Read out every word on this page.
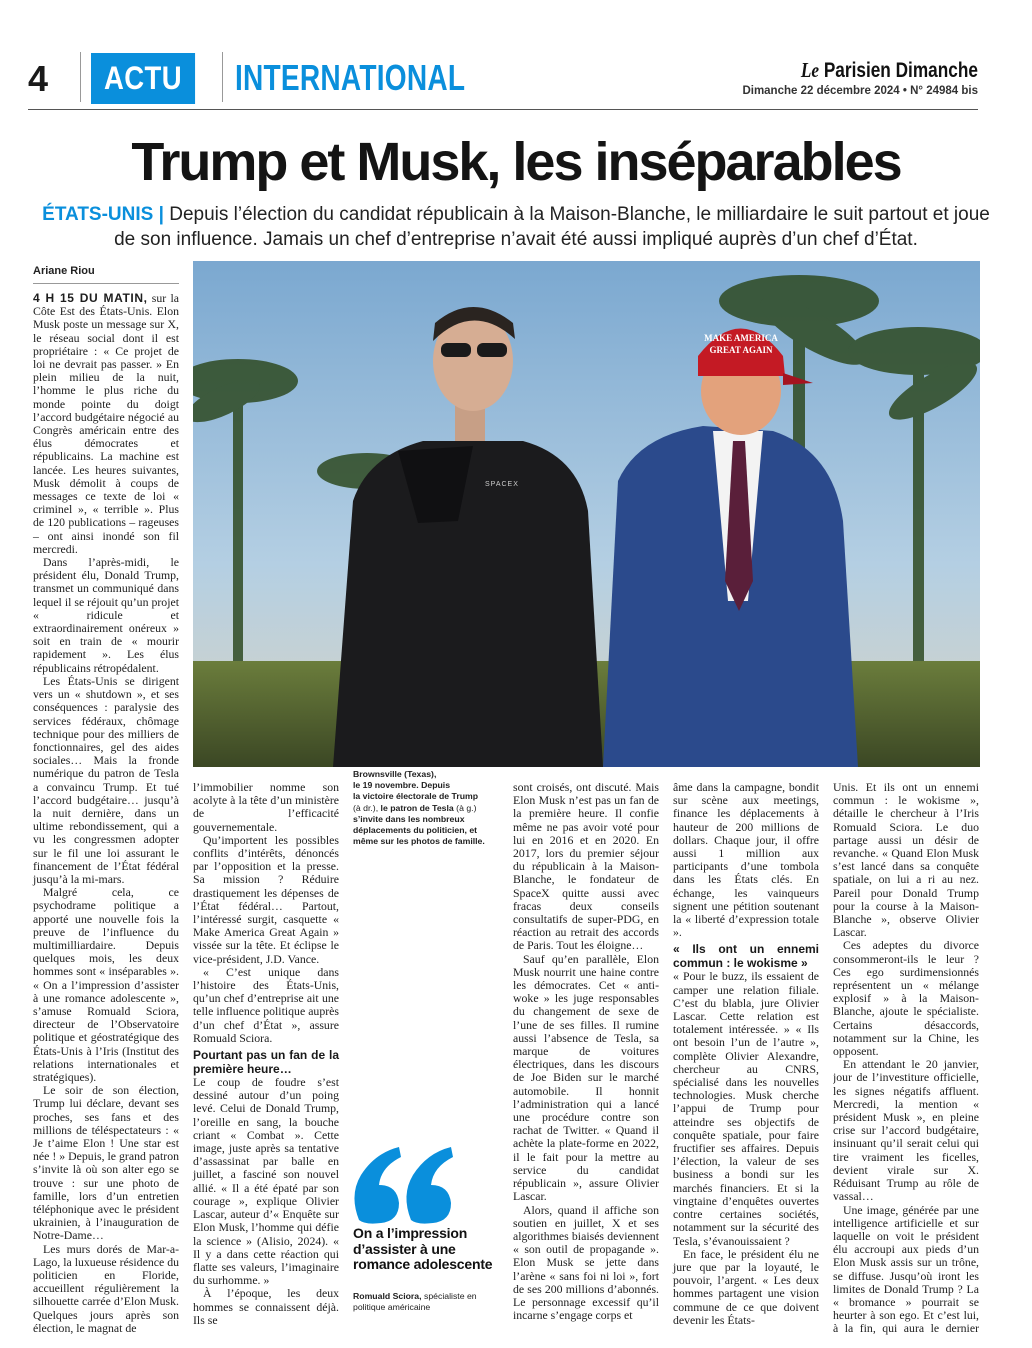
4	ACTU	INTERNATIONAL	Le Parisien Dimanche
Dimanche 22 décembre 2024 • N° 24984 bis
Trump et Musk, les inséparables
ÉTATS-UNIS | Depuis l’élection du candidat républicain à la Maison-Blanche, le milliardaire le suit partout et joue de son influence. Jamais un chef d’entreprise n’avait été aussi impliqué auprès d’un chef d’État.
Ariane Riou
SPACEX
MAKE AMERICA
GREAT AGAIN

4 H 15 DU MATIN, sur la Côte Est des États-Unis. Elon Musk poste un message sur X, le réseau social dont il est propriétaire : « Ce projet de loi ne devrait pas passer. » En plein milieu de la nuit, l’homme le plus riche du monde pointe du doigt l’accord budgétaire négocié au Congrès américain entre des élus démocrates et républicains. La machine est lancée. Les heures suivantes, Musk démolit à coups de messages ce texte de loi « criminel », « terrible ». Plus de 120 publications – rageuses – ont ainsi inondé son fil mercredi.

Dans l’après-midi, le président élu, Donald Trump, transmet un communiqué dans lequel il se réjouit qu’un projet « ridicule et extraordinairement onéreux » soit en train de « mourir rapidement ». Les élus républicains rétropédalent.

Les États-Unis se dirigent vers un « shutdown », et ses conséquences : paralysie des services fédéraux, chômage technique pour des milliers de fonctionnaires, gel des aides sociales… Mais la fronde numérique du patron de Tesla a convaincu Trump. Et tué l’accord budgétaire… jusqu’à la nuit dernière, dans un ultime rebondissement, qui a vu les congressmen adopter sur le fil une loi assurant le financement de l’État fédéral jusqu’à la mi-mars.

Malgré cela, ce psychodrame politique a apporté une nouvelle fois la preuve de l’influence du multimilliardaire. Depuis quelques mois, les deux hommes sont « inséparables ». « On a l’impression d’assister à une romance adolescente », s’amuse Romuald Sciora, directeur de l’Observatoire politique et géostratégique des États-Unis à l’Iris (Institut des relations internationales et stratégiques).

Le soir de son élection, Trump lui déclare, devant ses proches, ses fans et des millions de téléspectateurs : « Je t’aime Elon ! Une star est née ! » Depuis, le grand patron s’invite là où son alter ego se trouve : sur une photo de famille, lors d’un entretien téléphonique avec le président ukrainien, à l’inauguration de Notre-Dame…

Les murs dorés de Mar-a-Lago, la luxueuse résidence du politicien en Floride, accueillent régulièrement la silhouette carrée d’Elon Musk. Quelques jours après son élection, le magnat de

l’immobilier nomme son acolyte à la tête d’un ministère de l’efficacité gouvernementale.

Qu’importent les possibles conflits d’intérêts, dénoncés par l’opposition et la presse. Sa mission ? Réduire drastiquement les dépenses de l’État fédéral… Partout, l’intéressé surgit, casquette « Make America Great Again » vissée sur la tête. Et éclipse le vice-président, J.D. Vance.

« C’est unique dans l’histoire des États-Unis, qu’un chef d’entreprise ait une telle influence politique auprès d’un chef d’État », assure Romuald Sciora.

Pourtant pas un fan de la première heure…

Le coup de foudre s’est dessiné autour d’un poing levé. Celui de Donald Trump, l’oreille en sang, la bouche criant « Combat ». Cette image, juste après sa tentative d’assassinat par balle en juillet, a fasciné son nouvel allié. « Il a été épaté par son courage », explique Olivier Lascar, auteur d’« Enquête sur Elon Musk, l’homme qui défie la science » (Alisio, 2024). « Il y a dans cette réaction qui flatte ses valeurs, l’imaginaire du surhomme. »

À l’époque, les deux hommes se connaissent déjà. Ils se

Brownsville (Texas),
le 19 novembre. Depuis
la victoire électorale de Trump
(à dr.), le patron de Tesla (à g.) s’invite dans les nombreux déplacements du politicien, et même sur les photos de famille.
On a l’impression d’assister à une romance adolescente
Romuald Sciora, spécialiste en politique américaine

sont croisés, ont discuté. Mais Elon Musk n’est pas un fan de la première heure. Il confie même ne pas avoir voté pour lui en 2016 et en 2020. En 2017, lors du premier séjour du républicain à la Maison-Blanche, le fondateur de SpaceX quitte aussi avec fracas deux conseils consultatifs de super-PDG, en réaction au retrait des accords de Paris. Tout les éloigne…

Sauf qu’en parallèle, Elon Musk nourrit une haine contre les démocrates. Cet « anti-woke » les juge responsables du changement de sexe de l’une de ses filles. Il rumine aussi l’absence de Tesla, sa marque de voitures électriques, dans les discours de Joe Biden sur le marché automobile. Il honnit l’administration qui a lancé une procédure contre son rachat de Twitter. « Quand il achète la plate-forme en 2022, il le fait pour la mettre au service du candidat républicain », assure Olivier Lascar.

Alors, quand il affiche son soutien en juillet, X et ses algorithmes biaisés deviennent « son outil de propagande ». Elon Musk se jette dans l’arène « sans foi ni loi », fort de ses 200 millions d’abonnés. Le personnage excessif qu’il incarne s’engage corps et

âme dans la campagne, bondit sur scène aux meetings, finance les déplacements à hauteur de 200 millions de dollars. Chaque jour, il offre aussi 1 million aux participants d’une tombola dans les États clés. En échange, les vainqueurs signent une pétition soutenant la « liberté d’expression totale ».

« Ils ont un ennemi commun : le wokisme »

« Pour le buzz, ils essaient de camper une relation filiale. C’est du blabla, jure Olivier Lascar. Cette relation est totalement intéressée. » « Ils ont besoin l’un de l’autre », complète Olivier Alexandre, chercheur au CNRS, spécialisé dans les nouvelles technologies. Musk cherche l’appui de Trump pour atteindre ses objectifs de conquête spatiale, pour faire fructifier ses affaires. Depuis l’élection, la valeur de ses business a bondi sur les marchés financiers. Et si la vingtaine d’enquêtes ouvertes contre certaines sociétés, notamment sur la sécurité des Tesla, s’évanouissaient ?

En face, le président élu ne jure que par la loyauté, le pouvoir, l’argent. « Les deux hommes partagent une vision commune de ce que doivent devenir les États-

Unis. Et ils ont un ennemi commun : le wokisme », détaille le chercheur à l’Iris Romuald Sciora. Le duo partage aussi un désir de revanche. « Quand Elon Musk s’est lancé dans sa conquête spatiale, on lui a ri au nez. Pareil pour Donald Trump pour la course à la Maison-Blanche », observe Olivier Lascar.

Ces adeptes du divorce consommeront-ils le leur ? Ces ego surdimensionnés représentent un « mélange explosif » à la Maison-Blanche, ajoute le spécialiste. Certains désaccords, notamment sur la Chine, les opposent.

En attendant le 20 janvier, jour de l’investiture officielle, les signes négatifs affluent. Mercredi, la mention « président Musk », en pleine crise sur l’accord budgétaire, insinuant qu’il serait celui qui tire vraiment les ficelles, devient virale sur X. Réduisant Trump au rôle de vassal…

Une image, générée par une intelligence artificielle et sur laquelle on voit le président élu accroupi aux pieds d’un Elon Musk assis sur un trône, se diffuse. Jusqu’où iront les limites de Donald Trump ? La « bromance » pourrait se heurter à son ego. Et c’est lui, à la fin, qui aura le dernier
